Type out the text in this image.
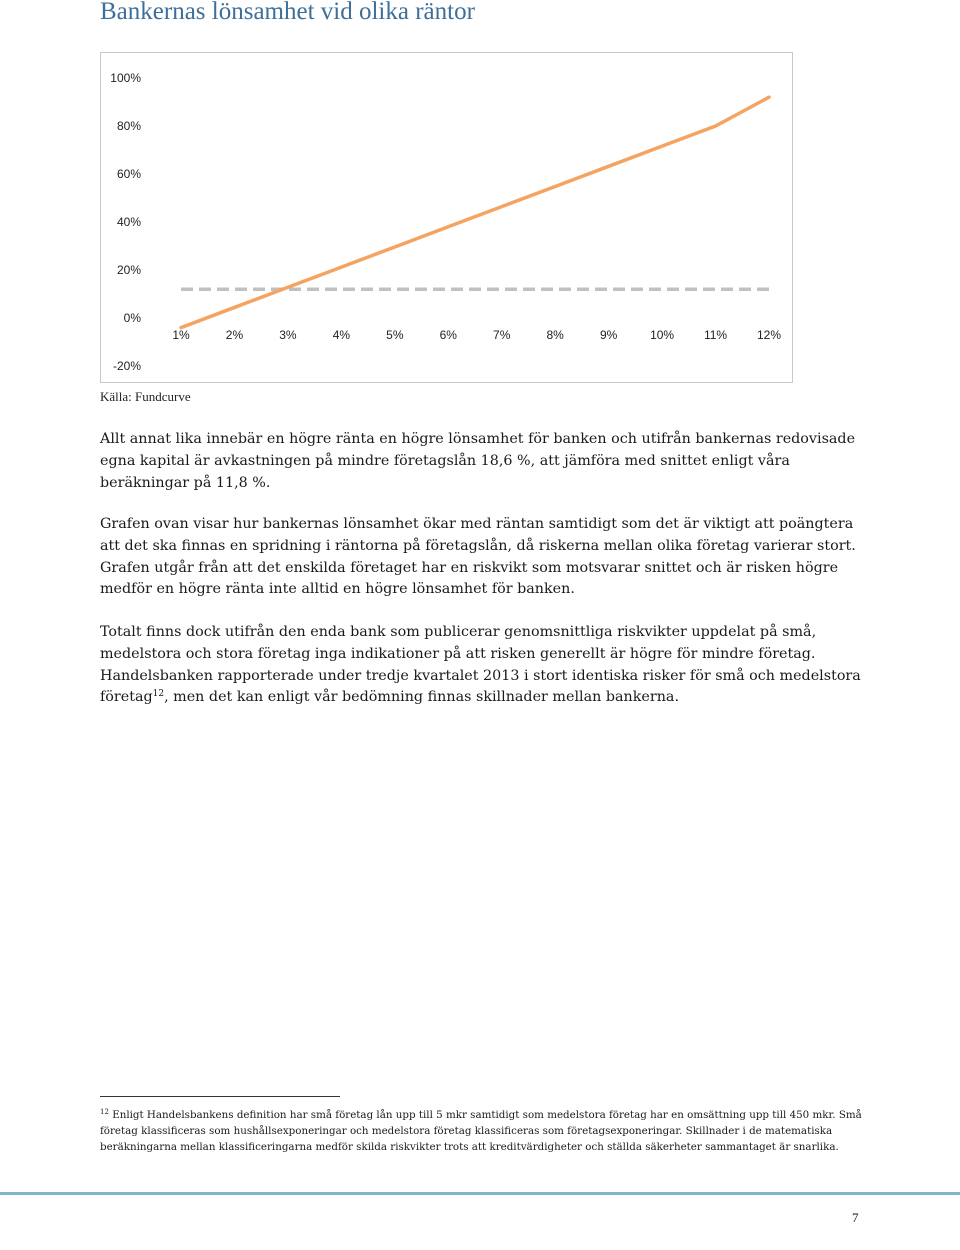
Bankernas lönsamhet vid olika räntor
100%
80%
60%
40%
20%
0%
-20%
1%	2%	3%	4%	5%	6%	7%	8%	9%	10% 11% 12%
Källa: Fundcurve

Allt annat lika innebär en högre ränta en högre lönsamhet för banken och utifrån bankernas redovisade egna kapital är avkastningen på mindre företagslån 18,6 %, att jämföra med snittet enligt våra beräkningar på 11,8 %.

Grafen ovan visar hur bankernas lönsamhet ökar med räntan samtidigt som det är viktigt att poängtera att det ska finnas en spridning i räntorna på företagslån, då riskerna mellan olika företag varierar stort. Grafen utgår från att det enskilda företaget har en riskvikt som motsvarar snittet och är risken högre medför en högre ränta inte alltid en högre lönsamhet för banken.

Totalt finns dock utifrån den enda bank som publicerar genomsnittliga riskvikter uppdelat på små, medelstora och stora företag inga indikationer på att risken generellt är högre för mindre företag. Handelsbanken rapporterade under tredje kvartalet 2013 i stort identiska risker för små och medelstora företag$^{12}$, men det kan enligt vår bedömning finnas skillnader mellan bankerna.

$^{12}$ Enligt Handelsbankens definition har små företag lån upp till 5 mkr samtidigt som medelstora företag har en omsättning upp till 450 mkr. Små företag klassificeras som hushållsexponeringar och medelstora företag klassificeras som företagsexponeringar. Skillnader i de matematiska beräkningarna mellan klassificeringarna medför skilda riskvikter trots att kreditvärdigheter och ställda säkerheter sammantaget är snarlika.

7
